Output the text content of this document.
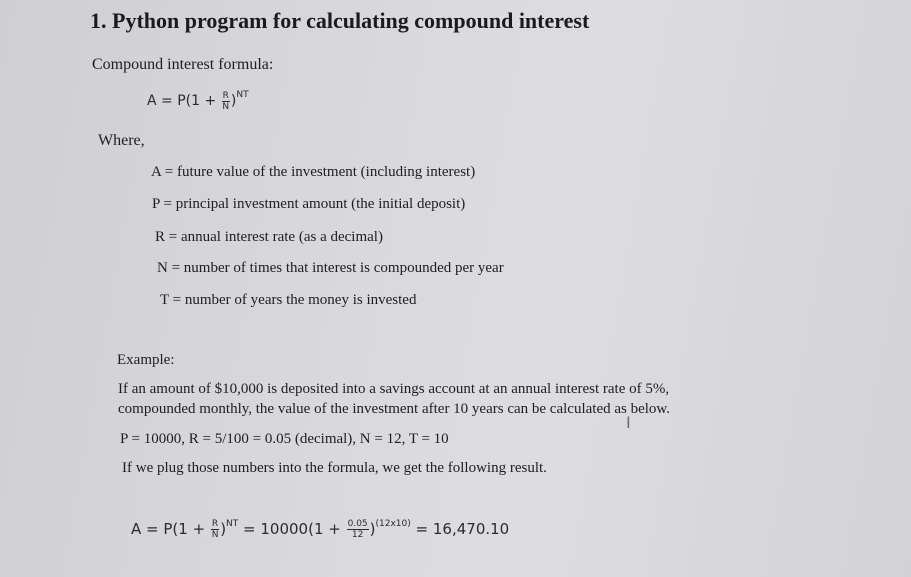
1. Python program for calculating compound interest
Compound interest formula:
$A = P(1 + \frac{R}{N} )^{NT}$
Where,
A = future value of the investment (including interest)
P = principal investment amount (the initial deposit)
R = annual interest rate (as a decimal)
N = number of times that interest is compounded per year
T = number of years the money is invested
Example:
If an amount of $10,000 is deposited into a savings account at an annual interest rate of 5%,
compounded monthly, the value of the investment after 10 years can be calculated as below.
P = 10000, R = 5/100 = 0.05 (decimal), N = 12, T = 10
If we plug those numbers into the formula, we get the following result.
$A = P(1 + \frac{R}{N} )^{NT} = 10000(1 + \frac{0.05}{12} )^{(12x10)} = 16,470.10$
I
